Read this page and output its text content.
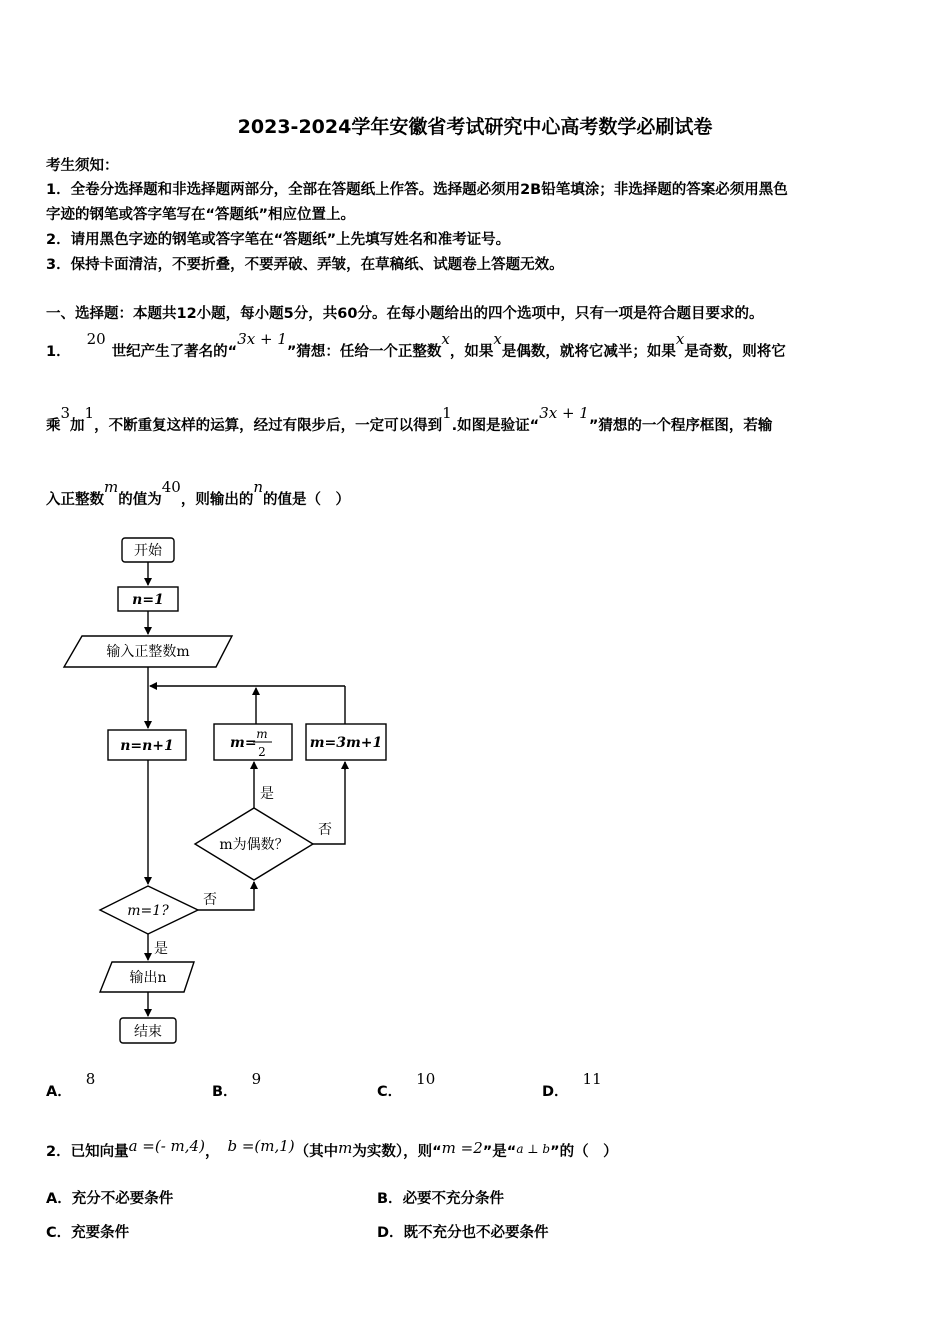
2023-2024学年安徽省考试研究中心高考数学必刷试卷
考生须知：
1．全卷分选择题和非选择题两部分，全部在答题纸上作答。选择题必须用2B铅笔填涂；非选择题的答案必须用黑色
字迹的钢笔或答字笔写在“答题纸”相应位置上。
2．请用黑色字迹的钢笔或答字笔在“答题纸”上先填写姓名和准考证号。
3．保持卡面清洁，不要折叠，不要弄破、弄皱，在草稿纸、试题卷上答题无效。
一、选择题：本题共12小题，每小题5分，共60分。在每小题给出的四个选项中，只有一项是符合题目要求的。
1．20世纪产生了著名的“3x + 1”猜想：任给一个正整数x，如果x是偶数，就将它减半；如果x是奇数，则将它
乘3加1，不断重复这样的运算，经过有限步后，一定可以得到1.如图是验证“3x + 1”猜想的一个程序框图，若输
入正整数m的值为40，则输出的n的值是（　）
开始
n=1
输入正整数m
n=n+1	m=
m
2
m=3m+1
m为偶数？
是
否
m=1?
否
是
输出n
结束
A．8
B．9
C．10
D．11
2．已知向量a =(- m,4)， b =(m,1)（其中m为实数），则“m =2”是“$^{a \perp b}$”的（　）
A．充分不必要条件	B．必要不充分条件
C．充要条件	D．既不充分也不必要条件
